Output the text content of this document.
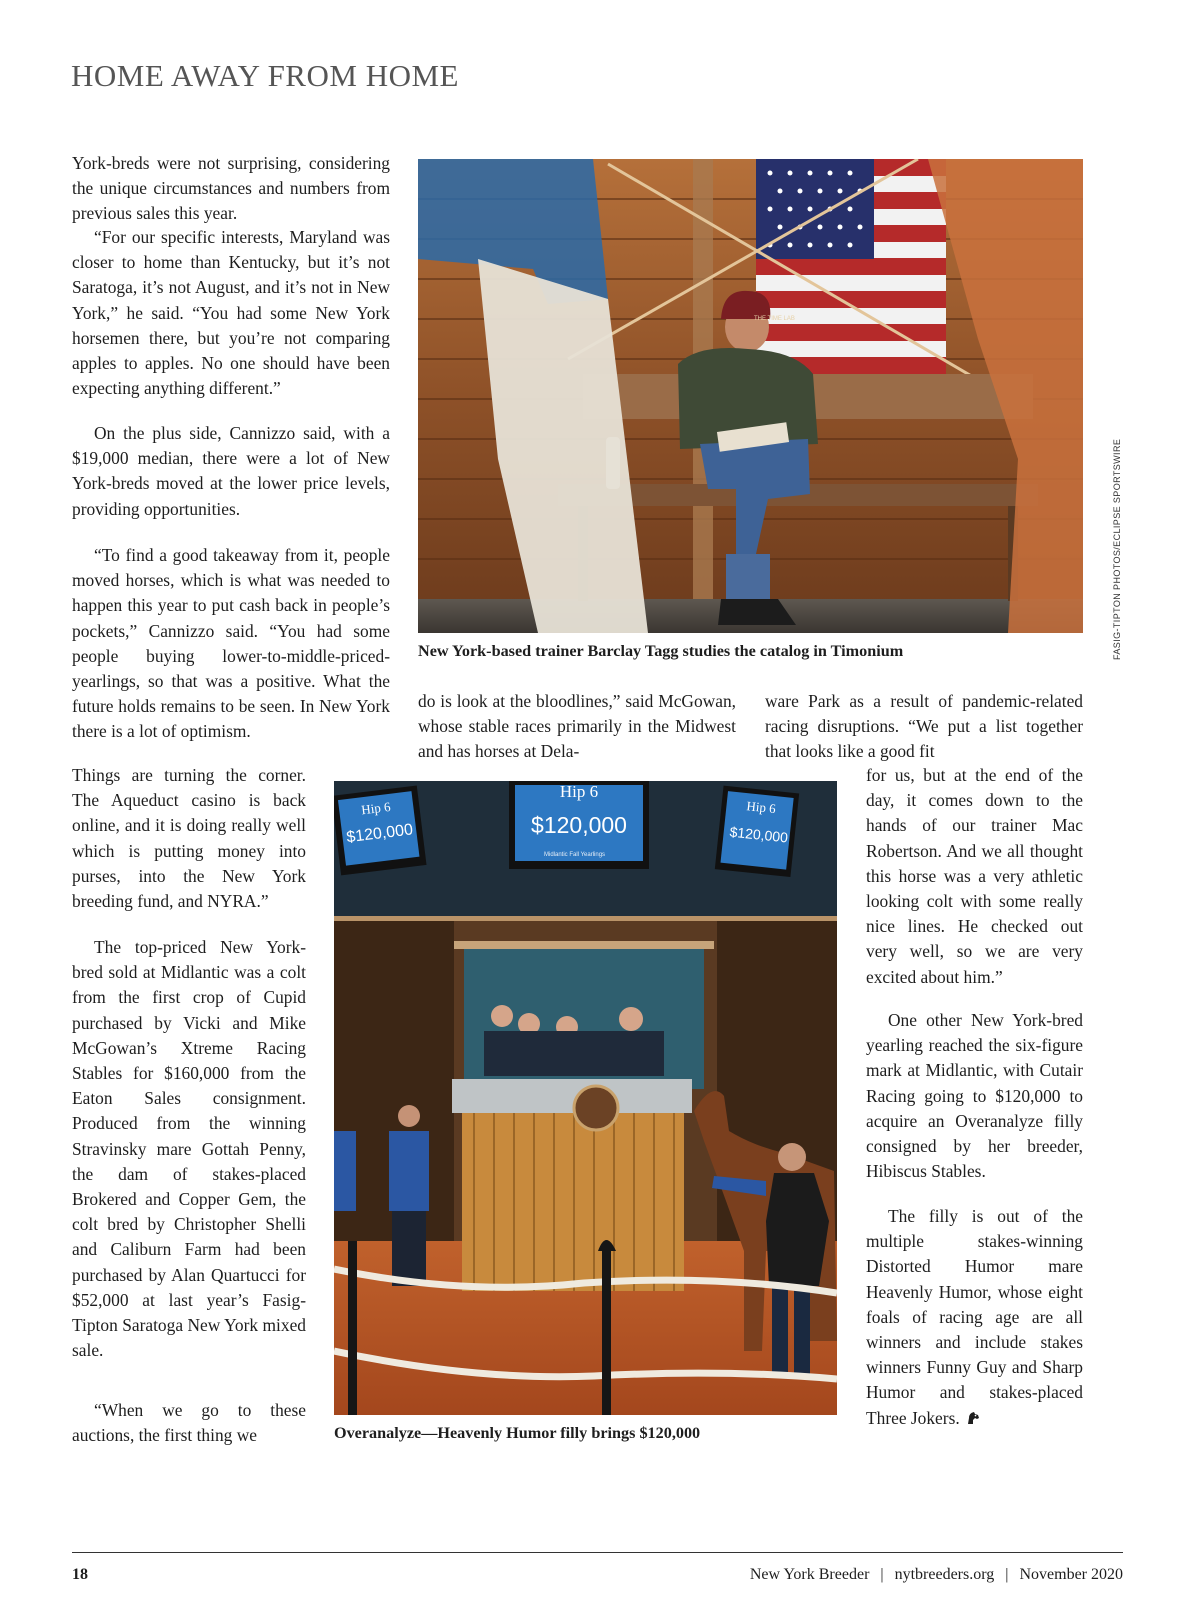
HOME AWAY FROM HOME

York-breds were not surprising, considering the unique circumstances and numbers from previous sales this year.

“For our specific interests, Maryland was closer to home than Kentucky, but it’s not Saratoga, it’s not August, and it’s not in New York,” he said. “You had some New York horsemen there, but you’re not comparing apples to apples. No one should have been expecting anything different.”

On the plus side, Cannizzo said, with a $19,000 median, there were a lot of New York-breds moved at the lower price levels, providing opportunities.

“To find a good takeaway from it, people moved horses, which is what was needed to happen this year to put cash back in people’s pockets,” Cannizzo said. “You had some people buying lower-to-middle-priced-yearlings, so that was a positive. What the future holds remains to be seen. In New York there is a lot of optimism.

Things are turning the corner. The Aqueduct casino is back online, and it is doing really well which is putting money into purses, into the New York breeding fund, and NYRA.”

The top-priced New York-bred sold at Midlantic was a colt from the first crop of Cupid purchased by Vicki and Mike McGowan’s Xtreme Racing Stables for $160,000 from the Eaton Sales consignment. Produced from the winning Stravinsky mare Gottah Penny, the dam of stakes-placed Brokered and Copper Gem, the colt bred by Christopher Shelli and Caliburn Farm had been purchased by Alan Quartucci for $52,000 at last year’s Fasig-Tipton Saratoga New York mixed sale.

“When we go to these auctions, the first thing we

do is look at the bloodlines,” said McGowan, whose stable races primarily in the Midwest and has horses at Dela-

ware Park as a result of pandemic-related racing disruptions. “We put a list together that looks like a good fit

for us, but at the end of the day, it comes down to the hands of our trainer Mac Robertson. And we all thought this horse was a very athletic looking colt with some really nice lines. He checked out very well, so we are very excited about him.”

One other New York-bred yearling reached the six-figure mark at Midlantic, with Cutair Racing going to $120,000 to acquire an Overanalyze filly consigned by her breeder, Hibiscus Stables.

The filly is out of the multiple stakes-winning Distorted Humor mare Heavenly Humor, whose eight foals of racing age are all winners and include stakes winners Funny Guy and Sharp Humor and stakes-placed Three Jokers.

THE TIME LAB
FASIG-TIPTON PHOTOS/ECLIPSE SPORTSWIRE

New York-based trainer Barclay Tagg studies the catalog in Timonium

Hip 6
$120,000
Midlantic Fall Yearlings
Hip 6
$120,000
Hip 6
$120,000

Overanalyze—Heavenly Humor filly brings $120,000

18	New York Breeder | nytbreeders.org | November 2020
